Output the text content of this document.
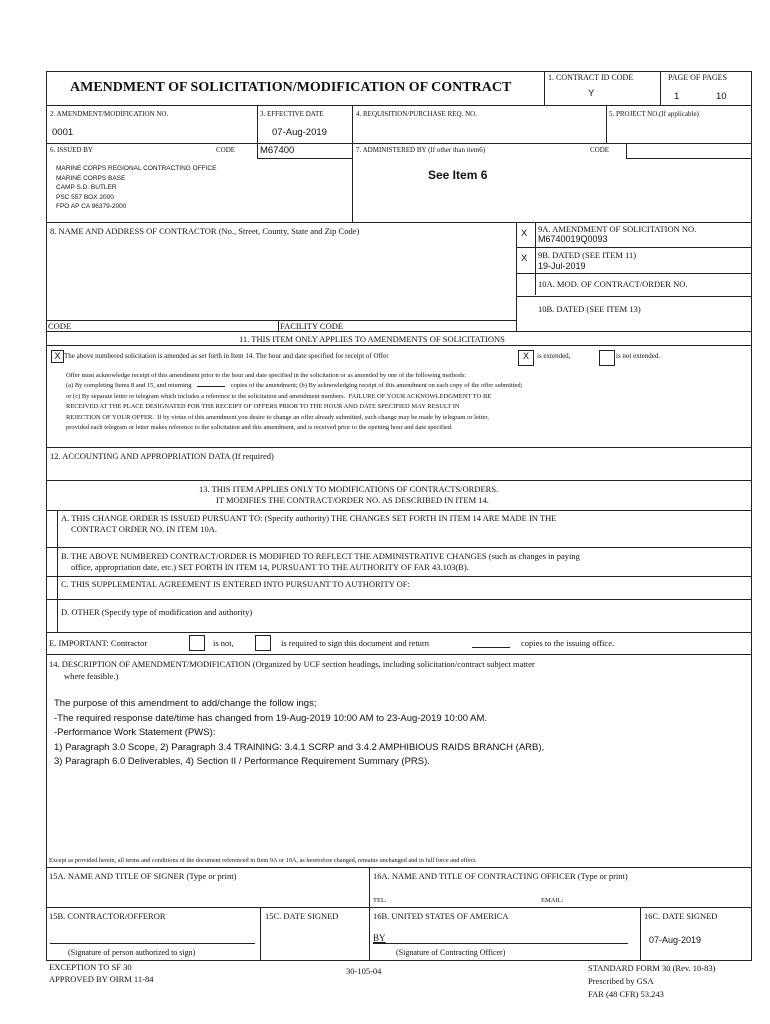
AMENDMENT OF SOLICITATION/MODIFICATION OF CONTRACT
1. CONTRACT ID CODE
Y
PAGE OF PAGES
1	10
2. AMENDMENT/MODIFICATION NO.
0001
3. EFFECTIVE DATE
07-Aug-2019
4. REQUISITION/PURCHASE REQ. NO.	5. PROJECT NO.(If applicable)
6. ISSUED BY	CODE	M67400	7. ADMINISTERED BY (If other than item6)	CODE
MARINE CORPS REGIONAL CONTRACTING OFFICE
MARINE CORPS BASE
CAMP S.D. BUTLER
PSC 557 BOX 2000
FPO AP CA 96379-2000
See Item 6
8. NAME AND ADDRESS OF CONTRACTOR (No., Street, County, State and Zip Code)	X 9A. AMENDMENT OF SOLICITATION NO.
M6740019Q0093
X 9B. DATED (SEE ITEM 11)
19-Jul-2019
10A. MOD. OF CONTRACT/ORDER NO.
10B. DATED (SEE ITEM 13)
CODE	FACILITY CODE
11. THIS ITEM ONLY APPLIES TO AMENDMENTS OF SOLICITATIONS
X The above numbered solicitation is amended as set forth in Item 14. The hour and date specified for receipt of Offer	X	is extended,	is not extended.
Offer must acknowledge receipt of this amendment prior to the hour and date specified in the solicitation or as amended by one of the following methods:
(a) By completing Items 8 and 15, and returning	copies of the amendment; (b) By acknowledging receipt of this amendment on each copy of the offer submitted;
or (c) By separate letter or telegram which includes a reference to the solicitation and amendment numbers.  FAILURE OF YOUR ACKNOWLEDGMENT TO BE
RECEIVED AT THE PLACE DESIGNATED FOR THE RECEIPT OF OFFERS PRIOR TO THE HOUR AND DATE SPECIFIED MAY RESULT IN
REJECTION OF YOUR OFFER.  If by virtue of this amendment you desire to change an offer already submitted, such change may be made by telegram or letter,
provided each telegram or letter makes reference to the solicitation and this amendment, and is received prior to the opening hour and date specified.
12. ACCOUNTING AND APPROPRIATION DATA (If required)
13. THIS ITEM APPLIES ONLY TO MODIFICATIONS OF CONTRACTS/ORDERS.
IT MODIFIES THE CONTRACT/ORDER NO. AS DESCRIBED IN ITEM 14.
A. THIS CHANGE ORDER IS ISSUED PURSUANT TO: (Specify authority) THE CHANGES SET FORTH IN ITEM 14 ARE MADE IN THE
CONTRACT ORDER NO. IN ITEM 10A.
B. THE ABOVE NUMBERED CONTRACT/ORDER IS MODIFIED TO REFLECT THE ADMINISTRATIVE CHANGES (such as changes in paying
office, appropriation date, etc.) SET FORTH IN ITEM 14, PURSUANT TO THE AUTHORITY OF FAR 43.103(B).
C. THIS SUPPLEMENTAL AGREEMENT IS ENTERED INTO PURSUANT TO AUTHORITY OF:
D. OTHER (Specify type of modification and authority)
E. IMPORTANT: Contractor	is not,	is required to sign this document and return	copies to the issuing office.
14. DESCRIPTION OF AMENDMENT/MODIFICATION (Organized by UCF section headings, including solicitation/contract subject matter
where feasible.)
The purpose of this amendment to add/change the follow ings;
-The required response date/time has changed from 19-Aug-2019 10:00 AM to 23-Aug-2019 10:00 AM.
-Performance Work Statement (PWS):
1) Paragraph 3.0 Scope, 2) Paragraph 3.4 TRAINING: 3.4.1 SCRP and 3.4.2 AMPHIBIOUS RAIDS BRANCH (ARB),
3) Paragraph 6.0 Deliverables, 4) Section II / Performance Requirement Summary (PRS).
Except as provided herein, all terms and conditions of the document referenced in Item 9A or 10A, as heretofore changed, remains unchanged and in full force and effect.
15A. NAME AND TITLE OF SIGNER (Type or print)	16A. NAME AND TITLE OF CONTRACTING OFFICER (Type or print)
TEL:	EMAIL:
15B. CONTRACTOR/OFFEROR	15C. DATE SIGNED	16B. UNITED STATES OF AMERICA	16C. DATE SIGNED
(Signature of person authorized to sign)
BY
(Signature of Contracting Officer)
07-Aug-2019
EXCEPTION TO SF 30
APPROVED BY OIRM 11-84
30-105-04	STANDARD FORM 30 (Rev. 10-83)
Prescribed by GSA
FAR (48 CFR) 53.243
